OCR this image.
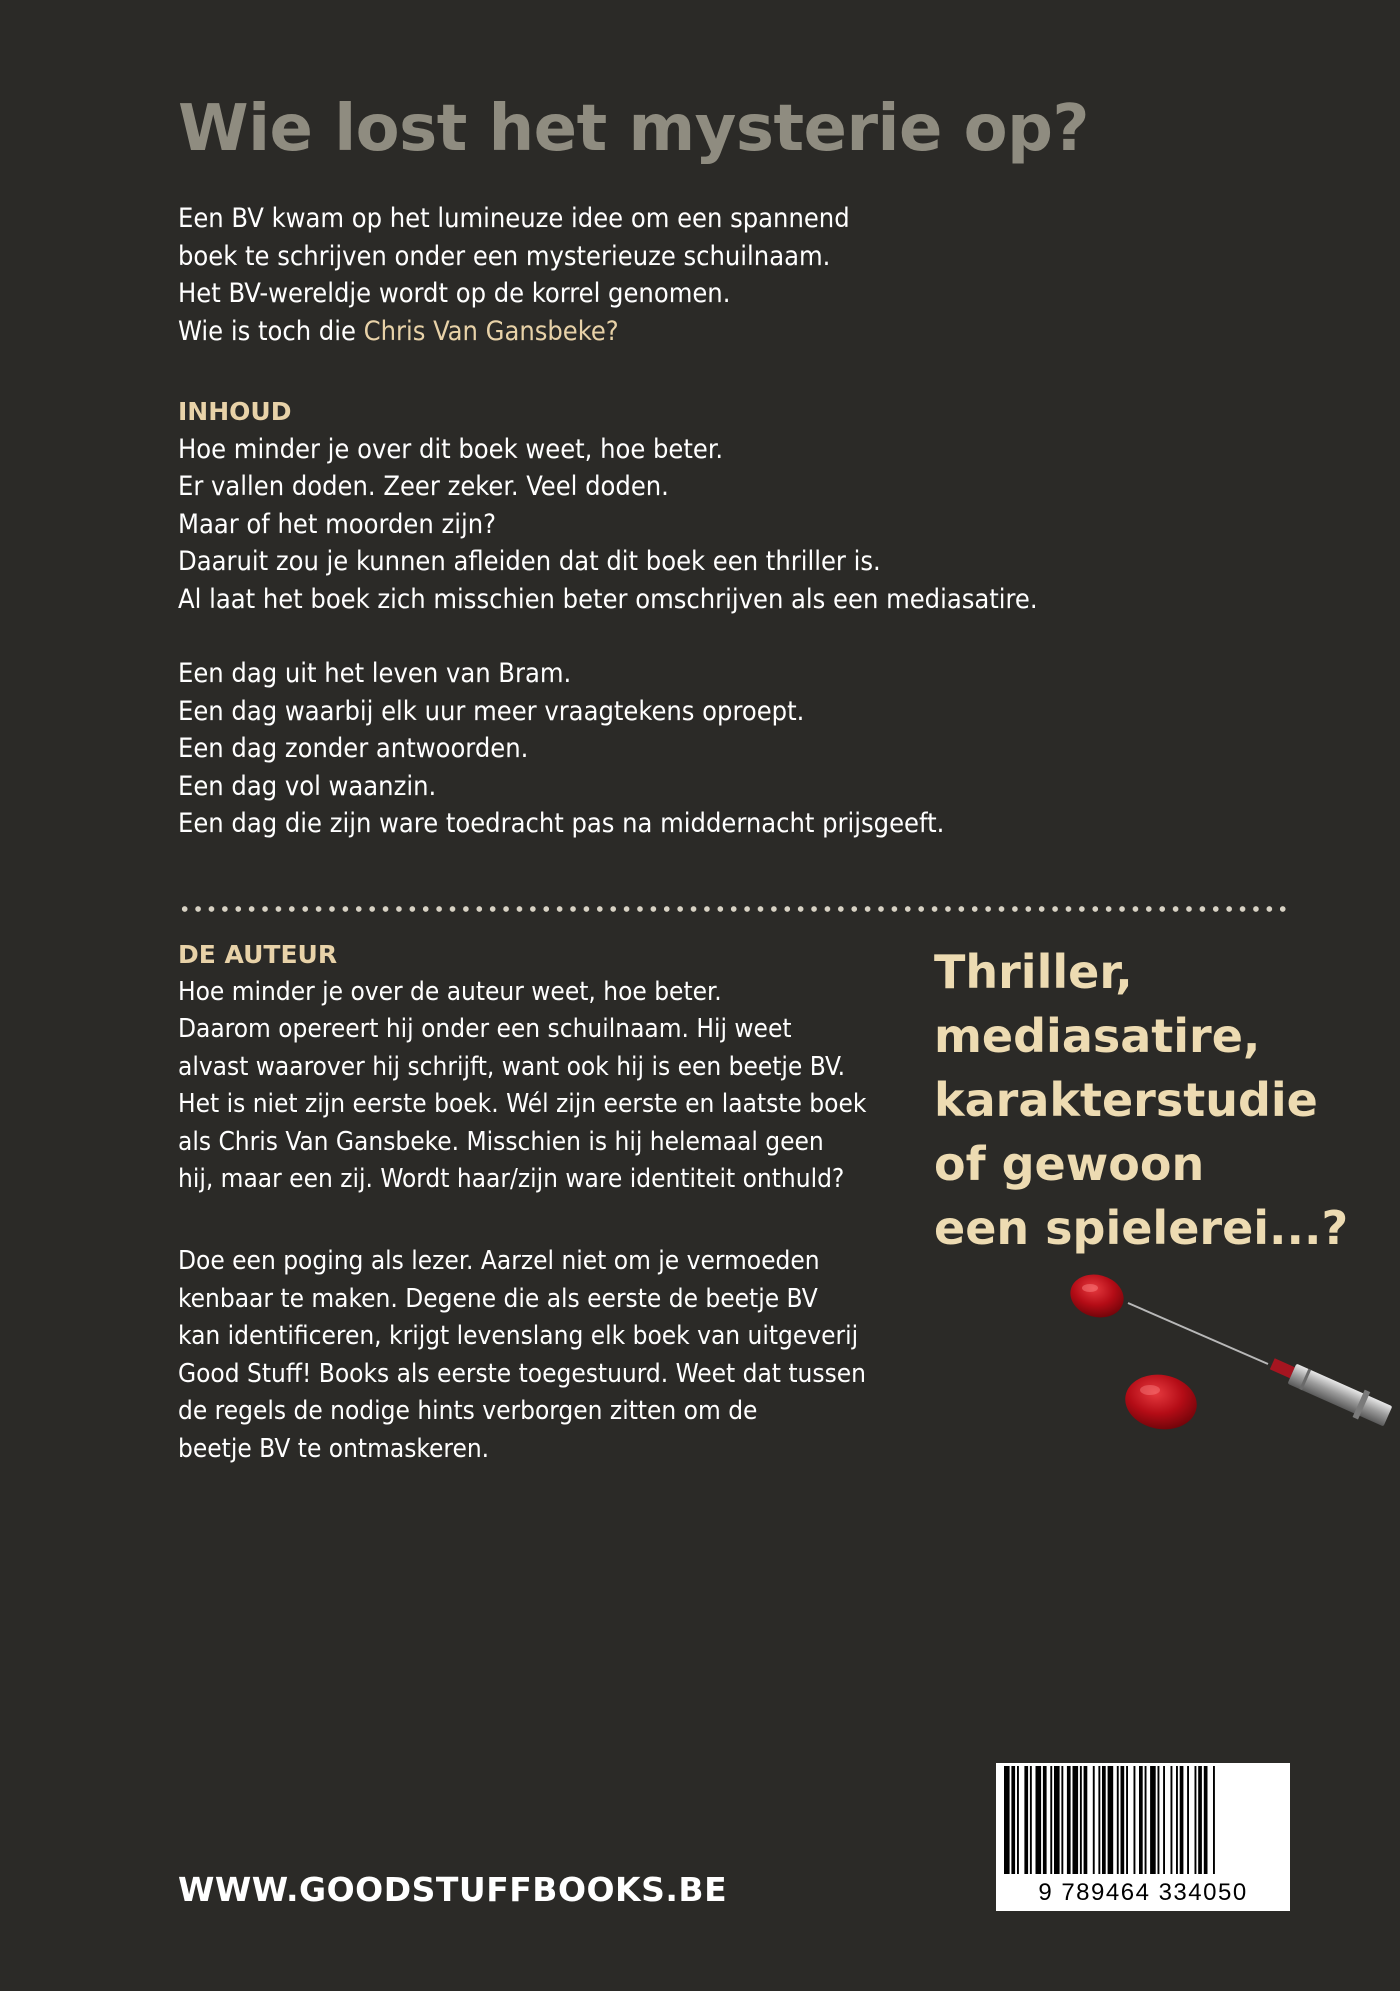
Wie lost het mysterie op?

Een BV kwam op het lumineuze idee om een spannend

boek te schrijven onder een mysterieuze schuilnaam.

Het BV-wereldje wordt op de korrel genomen.

Wie is toch die Chris Van Gansbeke?

INHOUD

Hoe minder je over dit boek weet, hoe beter.

Er vallen doden. Zeer zeker. Veel doden.

Maar of het moorden zijn?

Daaruit zou je kunnen afleiden dat dit boek een thriller is.

Al laat het boek zich misschien beter omschrijven als een mediasatire.

Een dag uit het leven van Bram.

Een dag waarbij elk uur meer vraagtekens oproept.

Een dag zonder antwoorden.

Een dag vol waanzin.

Een dag die zijn ware toedracht pas na middernacht prijsgeeft.

DE AUTEUR

Hoe minder je over de auteur weet, hoe beter.

Daarom opereert hij onder een schuilnaam. Hij weet

alvast waarover hij schrijft, want ook hij is een beetje BV.

Het is niet zijn eerste boek. Wél zijn eerste en laatste boek

als Chris Van Gansbeke. Misschien is hij helemaal geen

hij, maar een zij. Wordt haar/zijn ware identiteit onthuld?

Doe een poging als lezer. Aarzel niet om je vermoeden

kenbaar te maken. Degene die als eerste de beetje BV

kan identificeren, krijgt levenslang elk boek van uitgeverij

Good Stuff! Books als eerste toegestuurd. Weet dat tussen

de regels de nodige hints verborgen zitten om de

beetje BV te ontmaskeren.

Thriller,

mediasatire,

karakterstudie

of gewoon

een spielerei...?

WWW.GOODSTUFFBOOKS.BE	9 789464 334050
